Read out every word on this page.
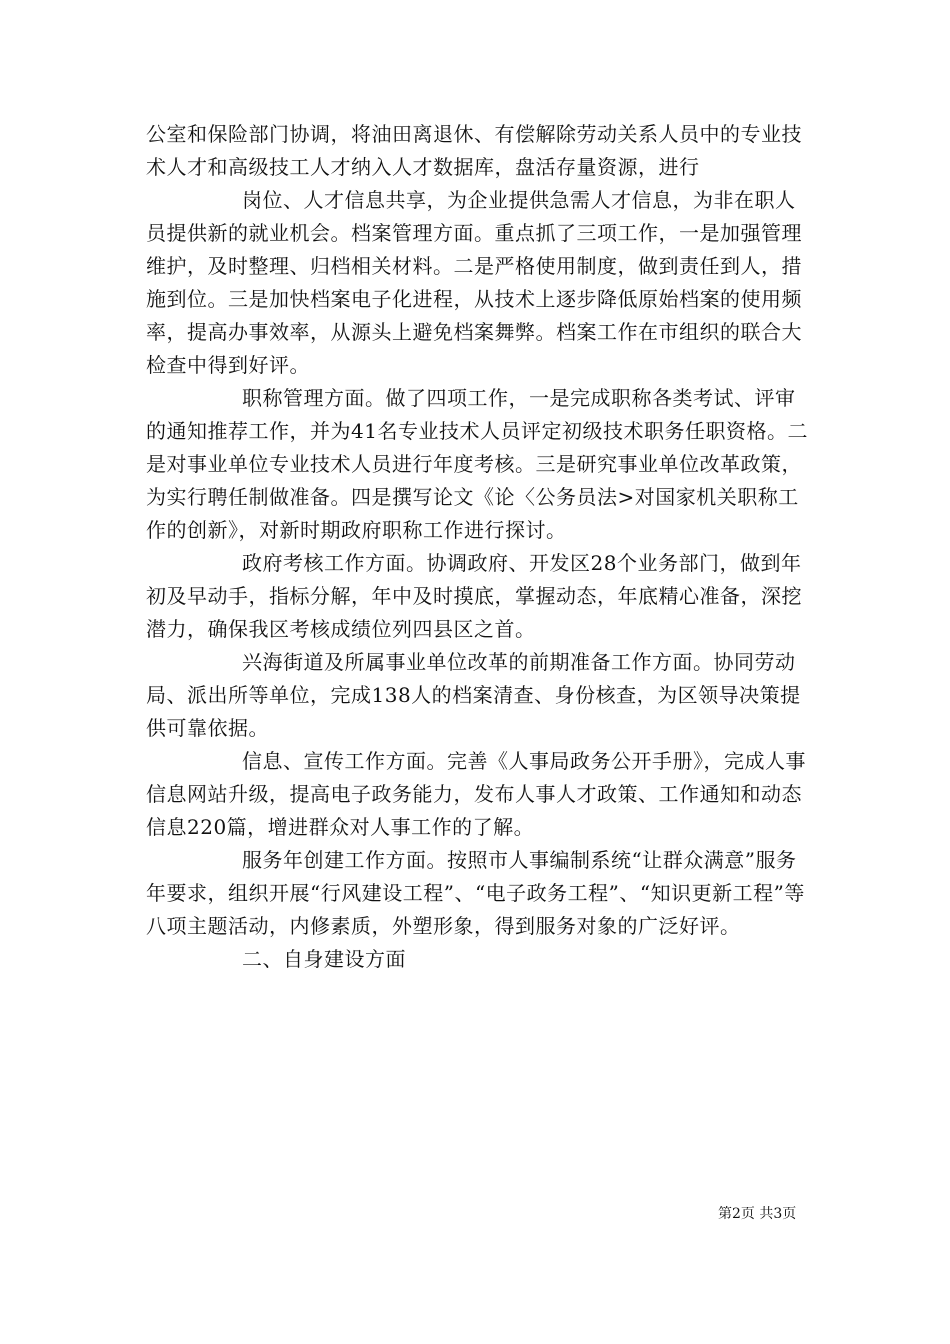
公室和保险部门协调，将油田离退休、有偿解除劳动关系人员中的专业技术人才和高级技工人才纳入人才数据库，盘活存量资源，进行

岗位、人才信息共享，为企业提供急需人才信息，为非在职人员提供新的就业机会。档案管理方面。重点抓了三项工作，一是加强管理维护，及时整理、归档相关材料。二是严格使用制度，做到责任到人，措施到位。三是加快档案电子化进程，从技术上逐步降低原始档案的使用频率，提高办事效率，从源头上避免档案舞弊。档案工作在市组织的联合大检查中得到好评。

职称管理方面。做了四项工作，一是完成职称各类考试、评审的通知推荐工作，并为41名专业技术人员评定初级技术职务任职资格。二是对事业单位专业技术人员进行年度考核。三是研究事业单位改革政策，为实行聘任制做准备。四是撰写论文《论〈公务员法>对国家机关职称工作的创新》，对新时期政府职称工作进行探讨。

政府考核工作方面。协调政府、开发区28个业务部门，做到年初及早动手，指标分解，年中及时摸底，掌握动态，年底精心准备，深挖潜力，确保我区考核成绩位列四县区之首。

兴海街道及所属事业单位改革的前期准备工作方面。协同劳动局、派出所等单位，完成138人的档案清查、身份核查，为区领导决策提供可靠依据。

信息、宣传工作方面。完善《人事局政务公开手册》，完成人事信息网站升级，提高电子政务能力，发布人事人才政策、工作通知和动态信息220篇，增进群众对人事工作的了解。

服务年创建工作方面。按照市人事编制系统“让群众满意”服务年要求，组织开展“行风建设工程”、“电子政务工程”、“知识更新工程”等八项主题活动，内修素质，外塑形象，得到服务对象的广泛好评。

二、自身建设方面

第2页 共3页
